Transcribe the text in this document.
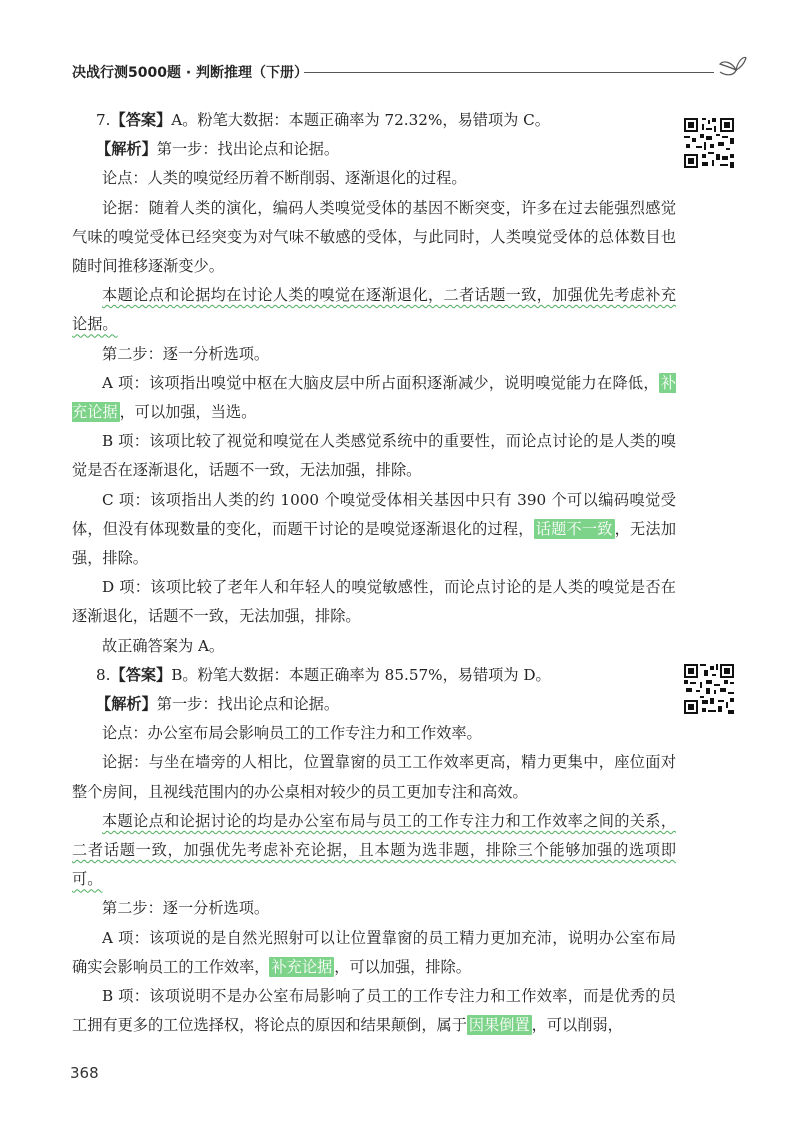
决战行测5000题 · 判断推理（下册）

7.【答案】A。粉笔大数据：本题正确率为 72.32%，易错项为 C。

【解析】第一步：找出论点和论据。

论点：人类的嗅觉经历着不断削弱、逐渐退化的过程。

论据：随着人类的演化，编码人类嗅觉受体的基因不断突变，许多在过去能强烈感觉气味的嗅觉受体已经突变为对气味不敏感的受体，与此同时，人类嗅觉受体的总体数目也随时间推移逐渐变少。

本题论点和论据均在讨论人类的嗅觉在逐渐退化，二者话题一致，加强优先考虑补充论据。

第二步：逐一分析选项。

A 项：该项指出嗅觉中枢在大脑皮层中所占面积逐渐减少，说明嗅觉能力在降低， 补充论据 ，可以加强，当选。

B 项：该项比较了视觉和嗅觉在人类感觉系统中的重要性，而论点讨论的是人类的嗅觉是否在逐渐退化，话题不一致，无法加强，排除。

C 项：该项指出人类的约 1000 个嗅觉受体相关基因中只有 390 个可以编码嗅觉受体，但没有体现数量的变化，而题干讨论的是嗅觉逐渐退化的过程， 话题不一致 ，无法加强，排除。

D 项：该项比较了老年人和年轻人的嗅觉敏感性，而论点讨论的是人类的嗅觉是否在逐渐退化，话题不一致，无法加强，排除。

故正确答案为 A。

8.【答案】B。粉笔大数据：本题正确率为 85.57%，易错项为 D。

【解析】第一步：找出论点和论据。

论点：办公室布局会影响员工的工作专注力和工作效率。

论据：与坐在墙旁的人相比，位置靠窗的员工工作效率更高，精力更集中，座位面对整个房间，且视线范围内的办公桌相对较少的员工更加专注和高效。

本题论点和论据讨论的均是办公室布局与员工的工作专注力和工作效率之间的关系，二者话题一致，加强优先考虑补充论据，且本题为选非题，排除三个能够加强的选项即可。

第二步：逐一分析选项。

A 项：该项说的是自然光照射可以让位置靠窗的员工精力更加充沛，说明办公室布局确实会影响员工的工作效率， 补充论据 ，可以加强，排除。

B 项：该项说明不是办公室布局影响了员工的工作专注力和工作效率，而是优秀的员工拥有更多的工位选择权，将论点的原因和结果颠倒，属于 因果倒置 ，可以削弱，

368
